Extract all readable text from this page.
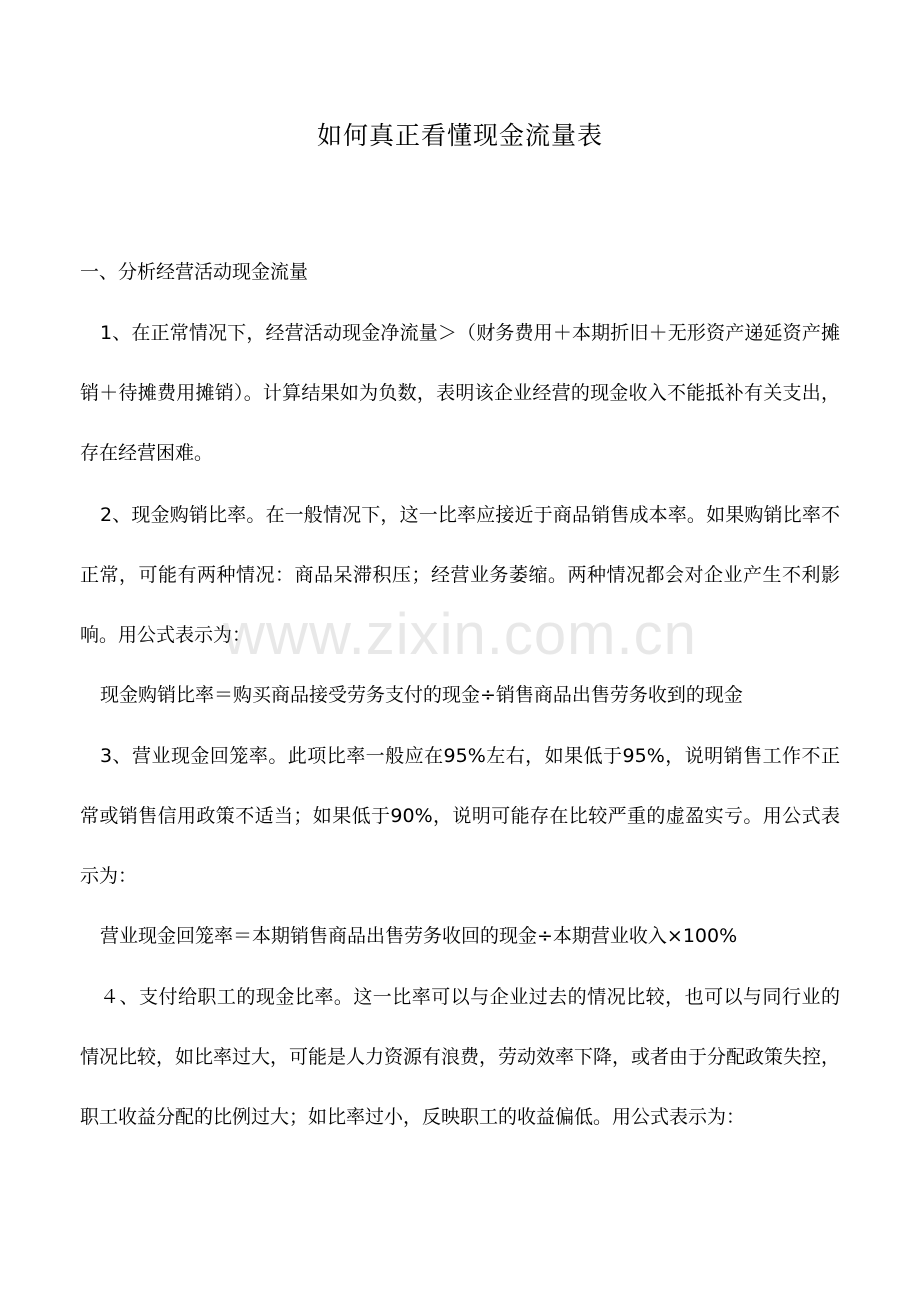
如何真正看懂现金流量表
一、分析经营活动现金流量

1、在正常情况下，经营活动现金净流量＞（财务费用＋本期折旧＋无形资产递延资产摊销＋待摊费用摊销）。计算结果如为负数，表明该企业经营的现金收入不能抵补有关支出，存在经营困难。

2、现金购销比率。在一般情况下，这一比率应接近于商品销售成本率。如果购销比率不正常，可能有两种情况：商品呆滞积压；经营业务萎缩。两种情况都会对企业产生不利影响。用公式表示为：

现金购销比率＝购买商品接受劳务支付的现金÷销售商品出售劳务收到的现金

3、营业现金回笼率。此项比率一般应在95%左右，如果低于95%，说明销售工作不正常或销售信用政策不适当；如果低于90%，说明可能存在比较严重的虚盈实亏。用公式表示为：

营业现金回笼率＝本期销售商品出售劳务收回的现金÷本期营业收入×100%

４、支付给职工的现金比率。这一比率可以与企业过去的情况比较，也可以与同行业的情况比较，如比率过大，可能是人力资源有浪费，劳动效率下降，或者由于分配政策失控，职工收益分配的比例过大；如比率过小，反映职工的收益偏低。用公式表示为：

www.zixin.com.cn
